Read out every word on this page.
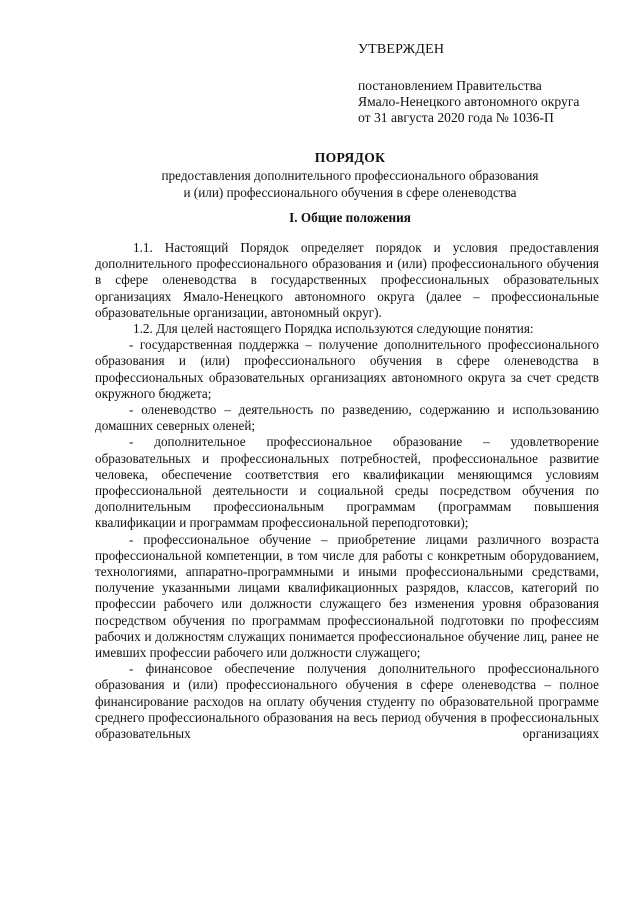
УТВЕРЖДЕН
постановлением Правительства
Ямало-Ненецкого автономного округа
от 31 августа 2020 года № 1036-П
ПОРЯДОК
предоставления дополнительного профессионального образования
и (или) профессионального обучения в сфере оленеводства
I. Общие положения

1.1. Настоящий Порядок определяет порядок и условия предоставления дополнительного профессионального образования и (или) профессионального обучения в сфере оленеводства в государственных профессиональных образовательных организациях Ямало-Ненецкого автономного округа (далее – профессиональные образовательные организации, автономный округ).

1.2. Для целей настоящего Порядка используются следующие понятия:

- государственная поддержка – получение дополнительного профессионального образования и (или) профессионального обучения в сфере оленеводства в профессиональных образовательных организациях автономного округа за счет средств окружного бюджета;

- оленеводство – деятельность по разведению, содержанию и использованию домашних северных оленей;

- дополнительное профессиональное образование – удовлетворение образовательных и профессиональных потребностей, профессиональное развитие человека, обеспечение соответствия его квалификации меняющимся условиям профессиональной деятельности и социальной среды посредством обучения по дополнительным профессиональным программам (программам повышения квалификации и программам профессиональной переподготовки);

- профессиональное обучение – приобретение лицами различного возраста профессиональной компетенции, в том числе для работы с конкретным оборудованием, технологиями, аппаратно-программными и иными профессиональными средствами, получение указанными лицами квалификационных разрядов, классов, категорий по профессии рабочего или должности служащего без изменения уровня образования посредством обучения по программам профессиональной подготовки по профессиям рабочих и должностям служащих понимается профессиональное обучение лиц, ранее не имевших профессии рабочего или должности служащего;

- финансовое обеспечение получения дополнительного профессионального образования и (или) профессионального обучения в сфере оленеводства – полное финансирование расходов на оплату обучения студенту по образовательной программе среднего профессионального образования на весь период обучения в профессиональных образовательных организациях
